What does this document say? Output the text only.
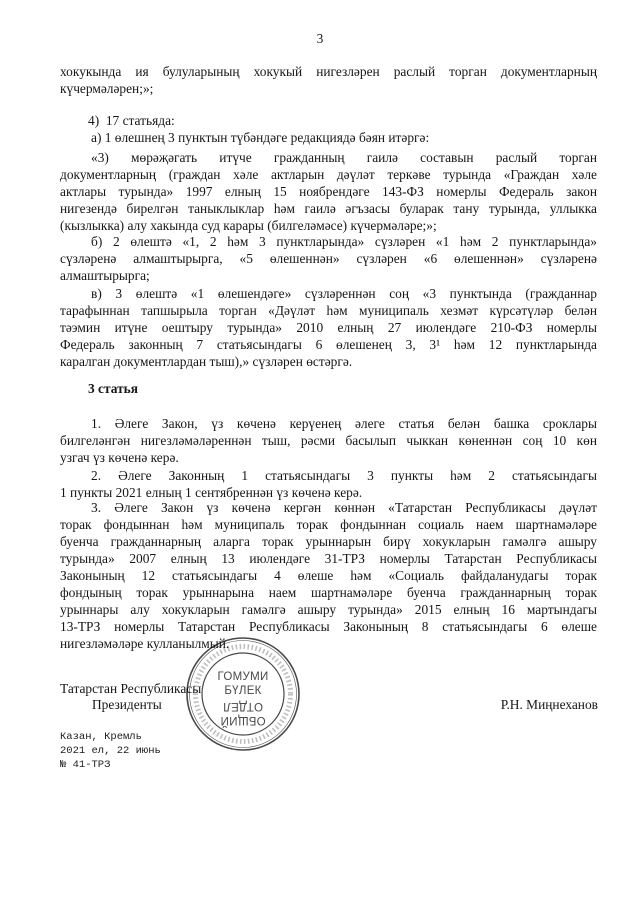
3
хокукында ия булуларының хокукый нигезләрен раслый торган документларның
күчермәләрен;»;
4)  17 статьяда:
а) 1 өлешнең 3 пунктын түбәндәге редакциядә бәян итәргә:
«3) мөрәҗәгать итүче гражданның гаилә составын раслый торган
документларның (граждан хәле актларын дәүләт теркәве турында «Граждан хәле
актлары турында» 1997 елның 15 ноябрендәге 143-ФЗ номерлы Федераль закон
нигезендә бирелгән таныклыклар һәм гаилә әгъзасы буларак тану турында, уллыкка
(кызлыкка) алу хакында суд карары (билгеләмәсе) күчермәләре;»;
б) 2 өлештә «1, 2 һәм 3 пунктларында» сүзләрен «1 һәм 2 пунктларында»
сүзләренә алмаштырырга, «5 өлешеннән» сүзләрен «6 өлешеннән» сүзләренә
алмаштырырга;
в) 3 өлештә «1 өлешендәге» сүзләреннән соң «3 пунктында (гражданнар
тарафыннан тапшырыла торган «Дәүләт һәм муниципаль хезмәт күрсәтүләр белән
тәэмин итүне оештыру турында» 2010 елның 27 июлендәге 210-ФЗ номерлы
Федераль законның 7 статьясындагы 6 өлешенең 3, 3¹ һәм 12 пунктларында
каралган документлардан тыш),» сүзләрен өстәргә.
3 статья
1. Әлеге Закон, үз көченә керүенең әлеге статья белән башка сроклары
билгеләнгән нигезләмәләреннән тыш, рәсми басылып чыккан көненнән соң 10 көн
узгач үз көченә керә.
2. Әлеге Законның 1 статьясындагы 3 пункты һәм 2 статьясындагы
1 пункты 2021 елның 1 сентябреннән үз көченә керә.
3. Әлеге Закон үз көченә кергән көннән «Татарстан Республикасы дәүләт
торак фондыннан һәм муниципаль торак фондыннан социаль наем шартнамәләре
буенча гражданнарның аларга торак урыннарын бирү хокукларын гамәлгә ашыру
турында» 2007 елның 13 июлендәге 31-ТРЗ номерлы Татарстан Республикасы
Законының 12 статьясындагы 4 өлеше һәм «Социаль файдаланудагы торак
фондының торак урыннарына наем шартнамәләре буенча гражданнарның торак
урыннары алу хокукларын гамәлгә ашыру турында» 2015 елның 16 мартындагы
13-ТРЗ номерлы Татарстан Республикасы Законының 8 статьясындагы 6 өлеше
нигезләмәләре кулланылмый.
Татарстан Республикасы
Президенты	Р.Н. Миңнеханов
Казан, Кремль
2021 ел, 22 июнь
№ 41-ТРЗ
ГОМУМИ
БҮЛЕК
ОТДЕЛ
ОБЩИЙ
